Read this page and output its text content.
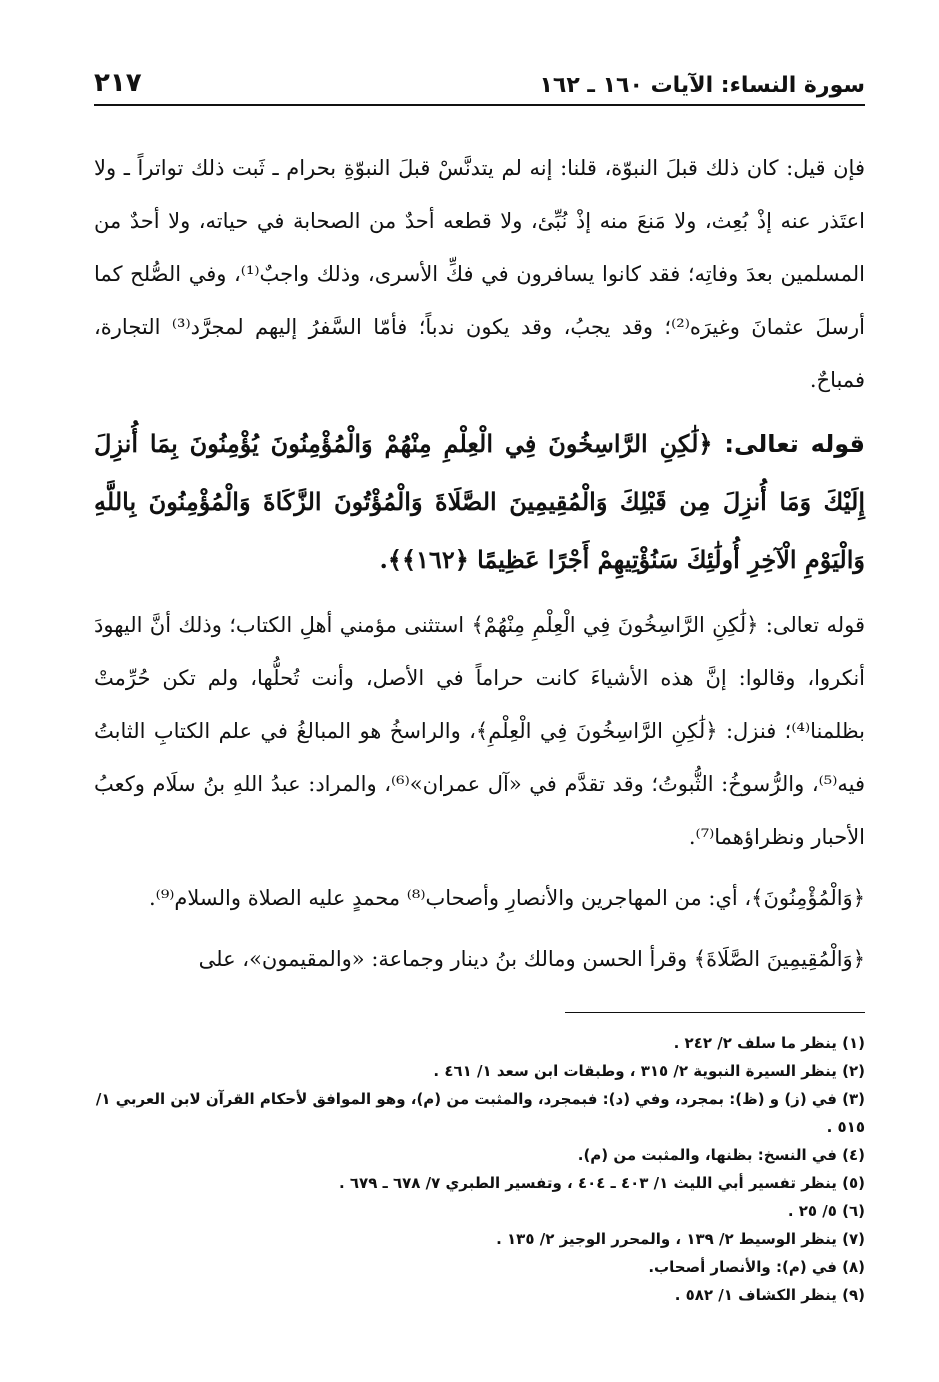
سورة النساء: الآيات ١٦٠ ـ ١٦٢
٢١٧

فإن قيل: كان ذلك قبلَ النبوّة، قلنا: إنه لم يتدنَّسْ قبلَ النبوّةِ بحرام ـ ثَبت ذلك تواتراً ـ ولا اعتَذر عنه إذْ بُعِث، ولا مَنعَ منه إذْ نُبِّئ، ولا قطعه أحدٌ من الصحابة في حياته، ولا أحدٌ من المسلمين بعدَ وفاتِه؛ فقد كانوا يسافرون في فكِّ الأسرى، وذلك واجبٌ⁽¹⁾، وفي الصُّلح كما أرسلَ عثمانَ وغيرَه⁽²⁾؛ وقد يجبُ، وقد يكون ندباً؛ فأمّا السَّفرُ إليهم لمجرَّد⁽³⁾ التجارة، فمباحٌ.

قوله تعالى: ﴿لَٰكِنِ الرَّاسِخُونَ فِي الْعِلْمِ مِنْهُمْ وَالْمُؤْمِنُونَ يُؤْمِنُونَ بِمَا أُنزِلَ إِلَيْكَ وَمَا أُنزِلَ مِن قَبْلِكَ وَالْمُقِيمِينَ الصَّلَاةَ وَالْمُؤْتُونَ الزَّكَاةَ وَالْمُؤْمِنُونَ بِاللَّهِ وَالْيَوْمِ الْآخِرِ أُولَٰئِكَ سَنُؤْتِيهِمْ أَجْرًا عَظِيمًا ﴿١٦٢﴾﴾.

قوله تعالى: ﴿لَٰكِنِ الرَّاسِخُونَ فِي الْعِلْمِ مِنْهُمْ﴾ استثنى مؤمني أهلِ الكتاب؛ وذلك أنَّ اليهودَ أنكروا، وقالوا: إنَّ هذه الأشياءَ كانت حراماً في الأصل، وأنت تُحلُّها، ولم تكن حُرِّمتْ بظلمنا⁽⁴⁾؛ فنزل: ﴿لَٰكِنِ الرَّاسِخُونَ فِي الْعِلْمِ﴾، والراسخُ هو المبالغُ في علم الكتابِ الثابتُ فيه⁽⁵⁾، والرُّسوخُ: الثُّبوتُ؛ وقد تقدَّم في «آل عمران»⁽⁶⁾، والمراد: عبدُ اللهِ بنُ سلَام وكعبُ الأحبار ونظراؤهما⁽⁷⁾.

﴿وَالْمُؤْمِنُونَ﴾، أي: من المهاجرين والأنصارِ وأصحاب⁽⁸⁾ محمدٍ عليه الصلاة والسلام⁽⁹⁾.

﴿وَالْمُقِيمِينَ الصَّلَاةَ﴾ وقرأ الحسن ومالك بنُ دينار وجماعة: «والمقيمون»، على

(١) ينظر ما سلف ٢/ ٢٤٢ .

(٢) ينظر السيرة النبوية ٢/ ٣١٥ ، وطبقات ابن سعد ١/ ٤٦١ .

(٣) في (ز) و (ظ): بمجرد، وفي (د): فبمجرد، والمثبت من (م)، وهو الموافق لأحكام القرآن لابن العربي ١/ ٥١٥ .

(٤) في النسخ: بظنها، والمثبت من (م).

(٥) ينظر تفسير أبي الليث ١/ ٤٠٣ ـ ٤٠٤ ، وتفسير الطبري ٧/ ٦٧٨ ـ ٦٧٩ .

(٦) ٥/ ٢٥ .

(٧) ينظر الوسيط ٢/ ١٣٩ ، والمحرر الوجيز ٢/ ١٣٥ .

(٨) في (م): والأنصار أصحاب.

(٩) ينظر الكشاف ١/ ٥٨٢ .
